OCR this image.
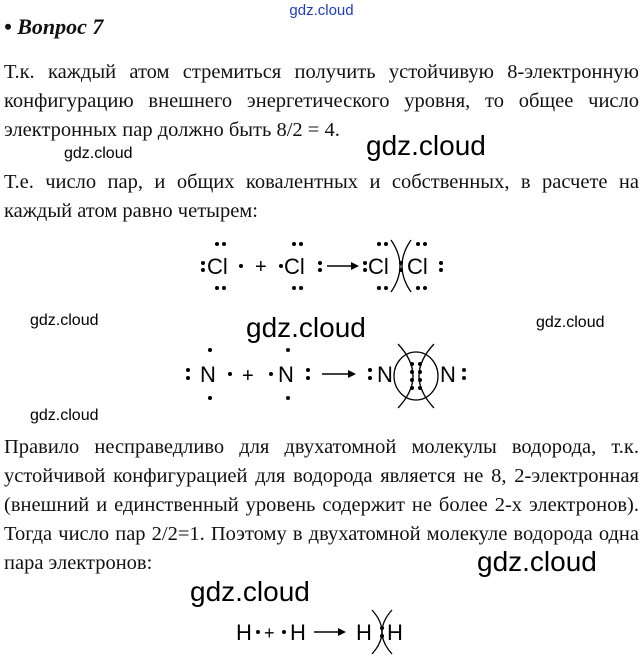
gdz.cloud
• Вопрос 7

Т.к. каждый атом стремиться получить устойчивую 8-электронную конфигурацию внешнего энергетического уровня, то общее число электронных пар должно быть 8/2 = 4.

Т.е. число пар, и общих ковалентных и собственных, в расчете на каждый атом равно четырем:

Cl + Cl	Cl Cl
gdz.cloud	gdz.cloud	gdz.cloud
N + N	N N
gdz.cloud

Правило несправедливо для двухатомной молекулы водорода, т.к. устойчивой конфигурацией для водорода является не 8, 2-электронная (внешний и единственный уровень содержит не более 2-х электронов). Тогда число пар 2/2=1. Поэтому в двухатомной молекуле водорода одна пара электронов:	gdz.cloud
gdz.cloud
gdz.cloud	gdz.cloud
H + H H H
